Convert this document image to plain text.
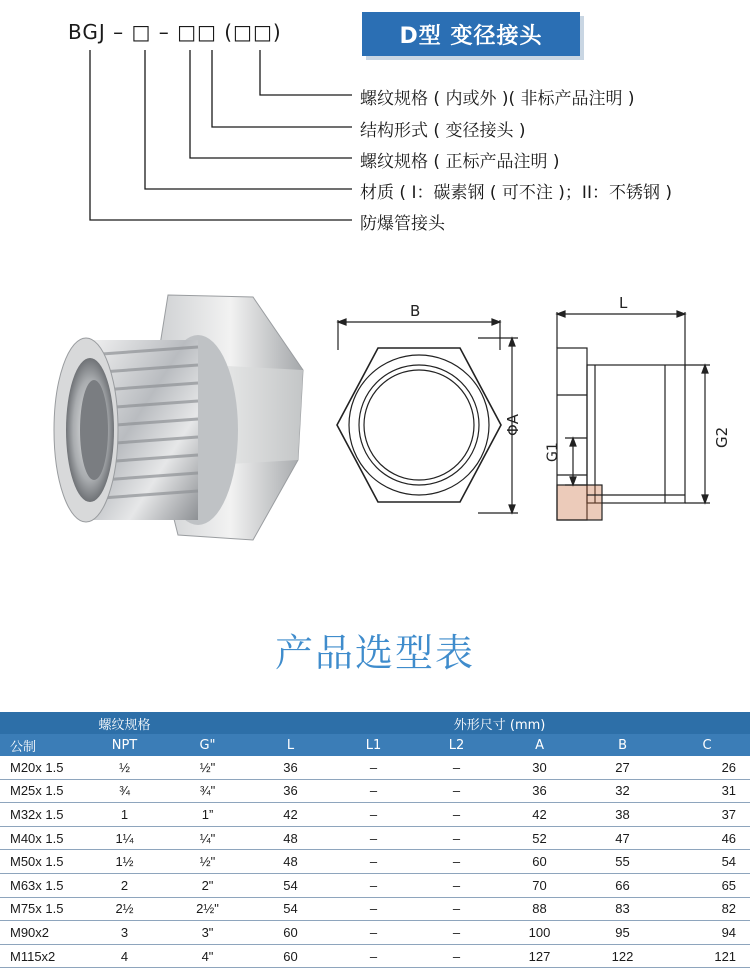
BGJ – □ – □□ (□□)	D型 变径接头
螺纹规格 ( 内或外 )( 非标产品注明 )
结构形式 ( 变径接头 )
螺纹规格 ( 正标产品注明 )
材质 ( I：碳素钢 ( 可不注 )；II：不锈钢 )
防爆管接头
B
ΦA
L
G1
G2
产品选型表
螺纹规格			外形尺寸 (mm)					
公制	NPT	G"	L	L1	L2	A	B	C
M20x 1.5	½	½"	36	–	–	30	27	26
M25x 1.5	¾	¾"	36	–	–	36	32	31
M32x 1.5	1	1”	42	–	–	42	38	37
M40x 1.5	1¼	¼"	48	–	–	52	47	46
M50x 1.5	1½	½"	48	–	–	60	55	54
M63x 1.5	2	2"	54	–	–	70	66	65
M75x 1.5	2½	2½"	54	–	–	88	83	82
M90x2	3	3"	60	–	–	100	95	94
M115x2	4	4"	60	–	–	127	122	121
